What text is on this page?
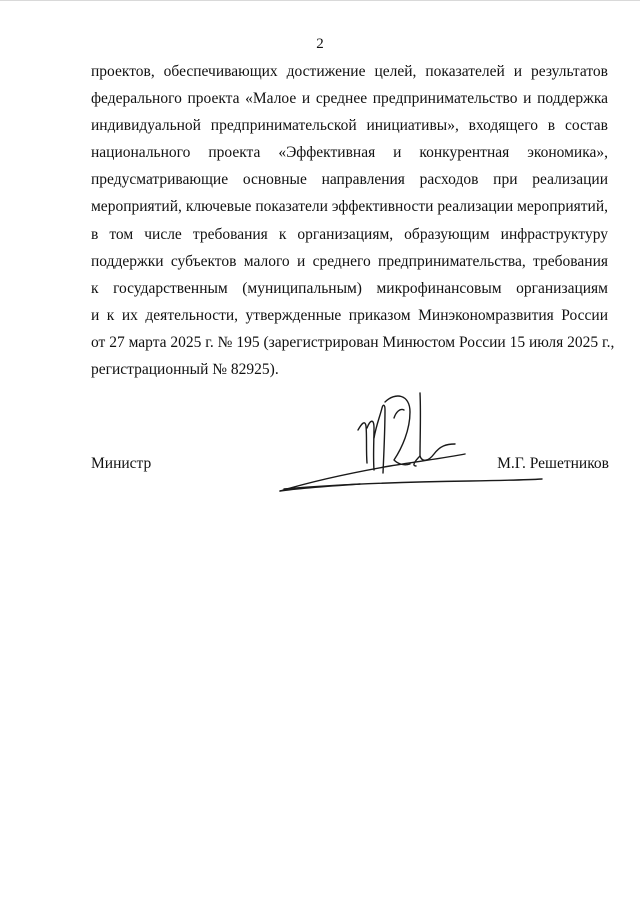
2
проектов, обеспечивающих достижение целей, показателей и результатов
федерального проекта «Малое и среднее предпринимательство и поддержка
индивидуальной предпринимательской инициативы», входящего в состав
национального проекта «Эффективная и конкурентная экономика»,
предусматривающие основные направления расходов при реализации
мероприятий, ключевые показатели эффективности реализации мероприятий,
в том числе требования к организациям, образующим инфраструктуру
поддержки субъектов малого и среднего предпринимательства, требования
к государственным (муниципальным) микрофинансовым организациям
и к их деятельности, утвержденные приказом Минэкономразвития России
от 27 марта 2025 г. № 195 (зарегистрирован Минюстом России 15 июля 2025 г.,
регистрационный № 82925).
Министр	М.Г. Решетников
